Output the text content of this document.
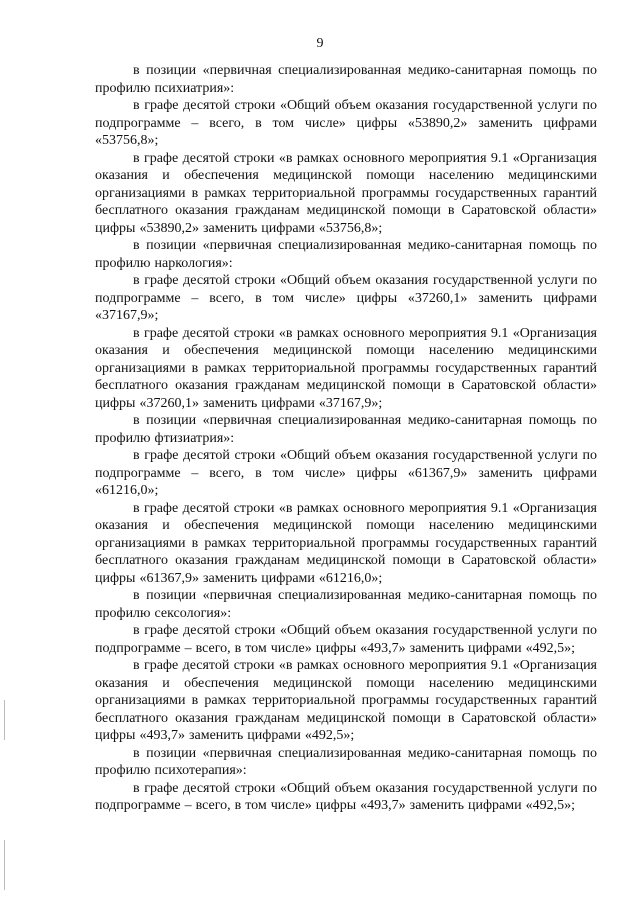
9

в позиции «первичная специализированная медико-санитарная помощь по профилю психиатрия»:

в графе десятой строки «Общий объем оказания государственной услуги по подпрограмме – всего, в том числе» цифры «53890,2» заменить цифрами «53756,8»;

в графе десятой строки «в рамках основного мероприятия 9.1 «Организация оказания и обеспечения медицинской помощи населению медицинскими организациями в рамках территориальной программы государственных гарантий бесплатного оказания гражданам медицинской помощи в Саратовской области» цифры «53890,2» заменить цифрами «53756,8»;

в позиции «первичная специализированная медико-санитарная помощь по профилю наркология»:

в графе десятой строки «Общий объем оказания государственной услуги по подпрограмме – всего, в том числе» цифры «37260,1» заменить цифрами «37167,9»;

в графе десятой строки «в рамках основного мероприятия 9.1 «Организация оказания и обеспечения медицинской помощи населению медицинскими организациями в рамках территориальной программы государственных гарантий бесплатного оказания гражданам медицинской помощи в Саратовской области» цифры «37260,1» заменить цифрами «37167,9»;

в позиции «первичная специализированная медико-санитарная помощь по профилю фтизиатрия»:

в графе десятой строки «Общий объем оказания государственной услуги по подпрограмме – всего, в том числе» цифры «61367,9» заменить цифрами «61216,0»;

в графе десятой строки «в рамках основного мероприятия 9.1 «Организация оказания и обеспечения медицинской помощи населению медицинскими организациями в рамках территориальной программы государственных гарантий бесплатного оказания гражданам медицинской помощи в Саратовской области» цифры «61367,9» заменить цифрами «61216,0»;

в позиции «первичная специализированная медико-санитарная помощь по профилю сексология»:

в графе десятой строки «Общий объем оказания государственной услуги по подпрограмме – всего, в том числе» цифры «493,7» заменить цифрами «492,5»;

в графе десятой строки «в рамках основного мероприятия 9.1 «Организация оказания и обеспечения медицинской помощи населению медицинскими организациями в рамках территориальной программы государственных гарантий бесплатного оказания гражданам медицинской помощи в Саратовской области» цифры «493,7» заменить цифрами «492,5»;

в позиции «первичная специализированная медико-санитарная помощь по профилю психотерапия»:

в графе десятой строки «Общий объем оказания государственной услуги по подпрограмме – всего, в том числе» цифры «493,7» заменить цифрами «492,5»;
